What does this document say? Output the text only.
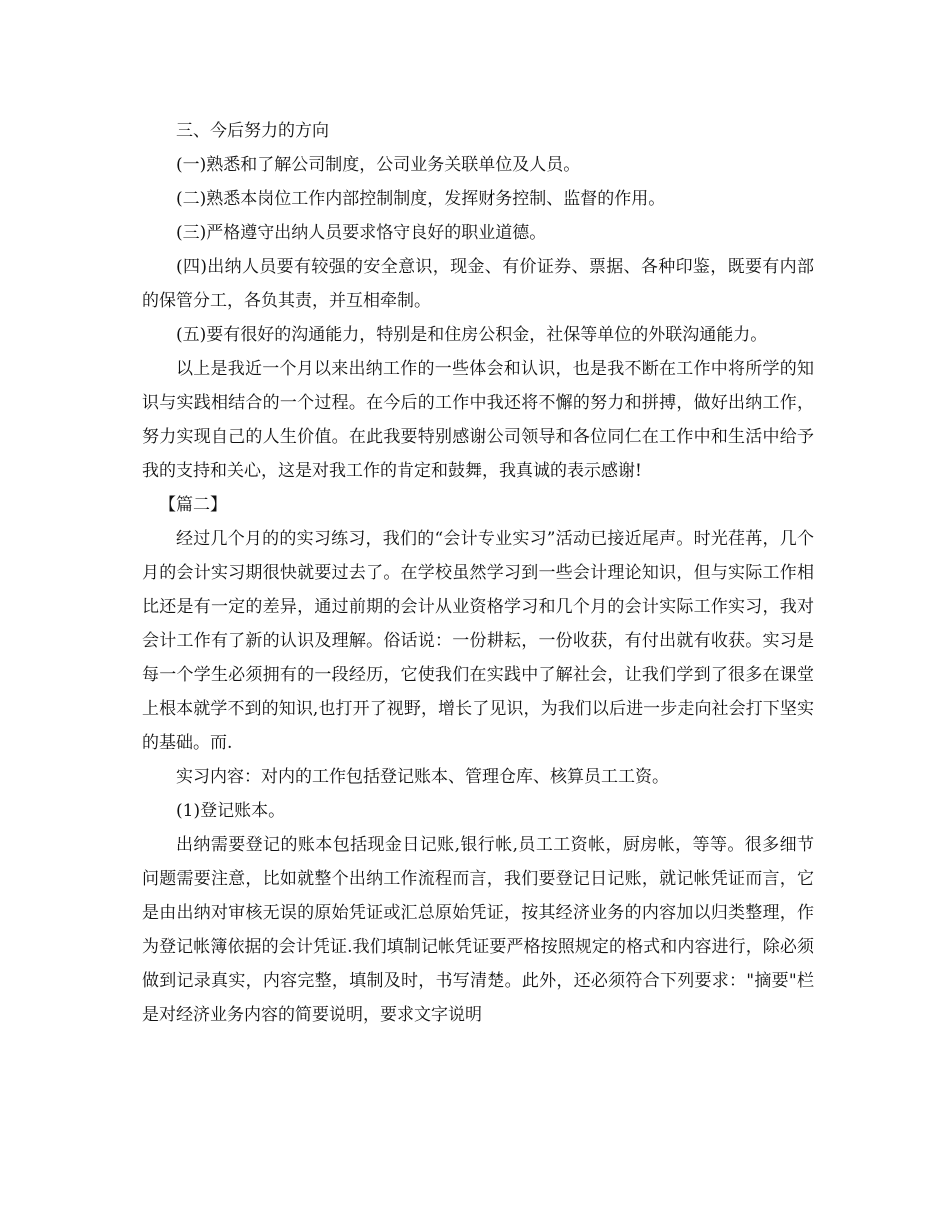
三、今后努力的方向

(一)熟悉和了解公司制度，公司业务关联单位及人员。

(二)熟悉本岗位工作内部控制制度，发挥财务控制、监督的作用。

(三)严格遵守出纳人员要求恪守良好的职业道德。

(四)出纳人员要有较强的安全意识，现金、有价证券、票据、各种印鉴，既要有内部的保管分工，各负其责，并互相牵制。

(五)要有很好的沟通能力，特别是和住房公积金，社保等单位的外联沟通能力。

以上是我近一个月以来出纳工作的一些体会和认识，也是我不断在工作中将所学的知识与实践相结合的一个过程。在今后的工作中我还将不懈的努力和拼搏，做好出纳工作，努力实现自己的人生价值。在此我要特别感谢公司领导和各位同仁在工作中和生活中给予我的支持和关心，这是对我工作的肯定和鼓舞，我真诚的表示感谢!

【篇二】

经过几个月的的实习练习，我们的“会计专业实习”活动已接近尾声。时光荏苒，几个月的会计实习期很快就要过去了。在学校虽然学习到一些会计理论知识，但与实际工作相比还是有一定的差异，通过前期的会计从业资格学习和几个月的会计实际工作实习，我对会计工作有了新的认识及理解。俗话说：一份耕耘，一份收获，有付出就有收获。实习是每一个学生必须拥有的一段经历，它使我们在实践中了解社会，让我们学到了很多在课堂上根本就学不到的知识,也打开了视野，增长了见识，为我们以后进一步走向社会打下坚实的基础。而.

实习内容：对内的工作包括登记账本、管理仓库、核算员工工资。

(1)登记账本。

出纳需要登记的账本包括现金日记账,银行帐,员工工资帐，厨房帐，等等。很多细节问题需要注意，比如就整个出纳工作流程而言，我们要登记日记账，就记帐凭证而言，它是由出纳对审核无误的原始凭证或汇总原始凭证，按其经济业务的内容加以归类整理，作为登记帐簿依据的会计凭证.我们填制记帐凭证要严格按照规定的格式和内容进行，除必须做到记录真实，内容完整，填制及时，书写清楚。此外，还必须符合下列要求："摘要"栏是对经济业务内容的简要说明，要求文字说明
